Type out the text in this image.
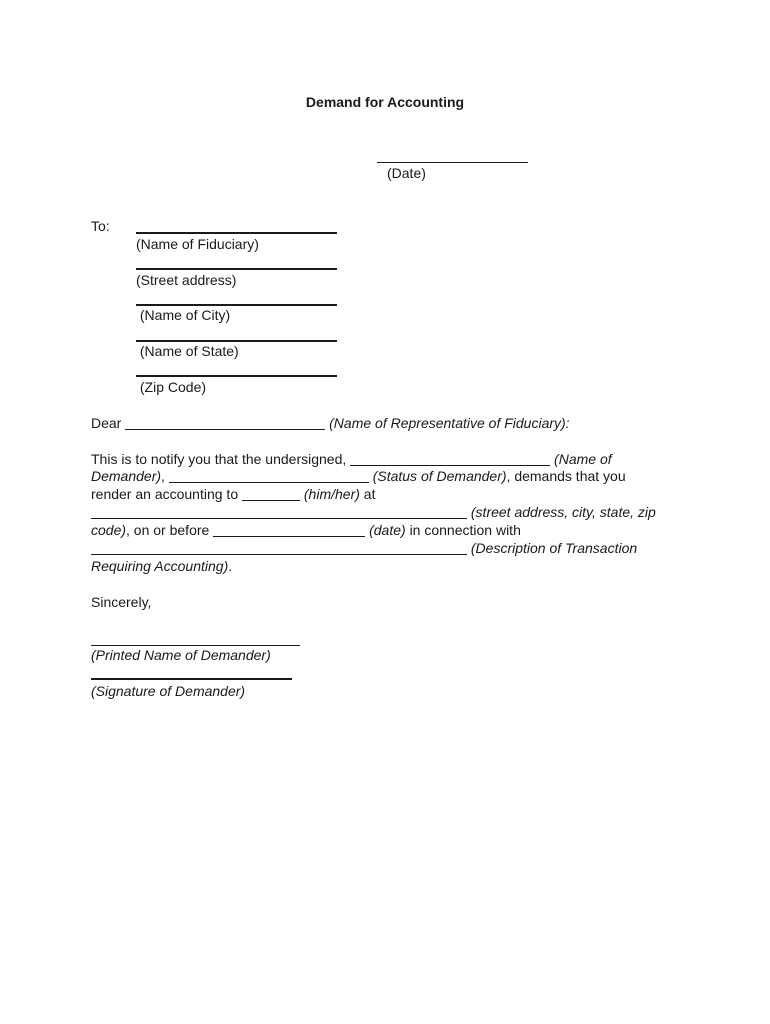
Demand for Accounting
(Date)
To:
(Name of Fiduciary)
(Street address)
(Name of City)
(Name of State)
(Zip Code)
Dear	(Name of Representative of Fiduciary):
This is to notify you that the undersigned,	(Name of
Demander),	(Status of Demander), demands that you
render an accounting to	(him/her) at
(street address, city, state, zip
code), on or before	(date) in connection with
(Description of Transaction
Requiring Accounting).
Sincerely,
(Printed Name of Demander)
(Signature of Demander)
